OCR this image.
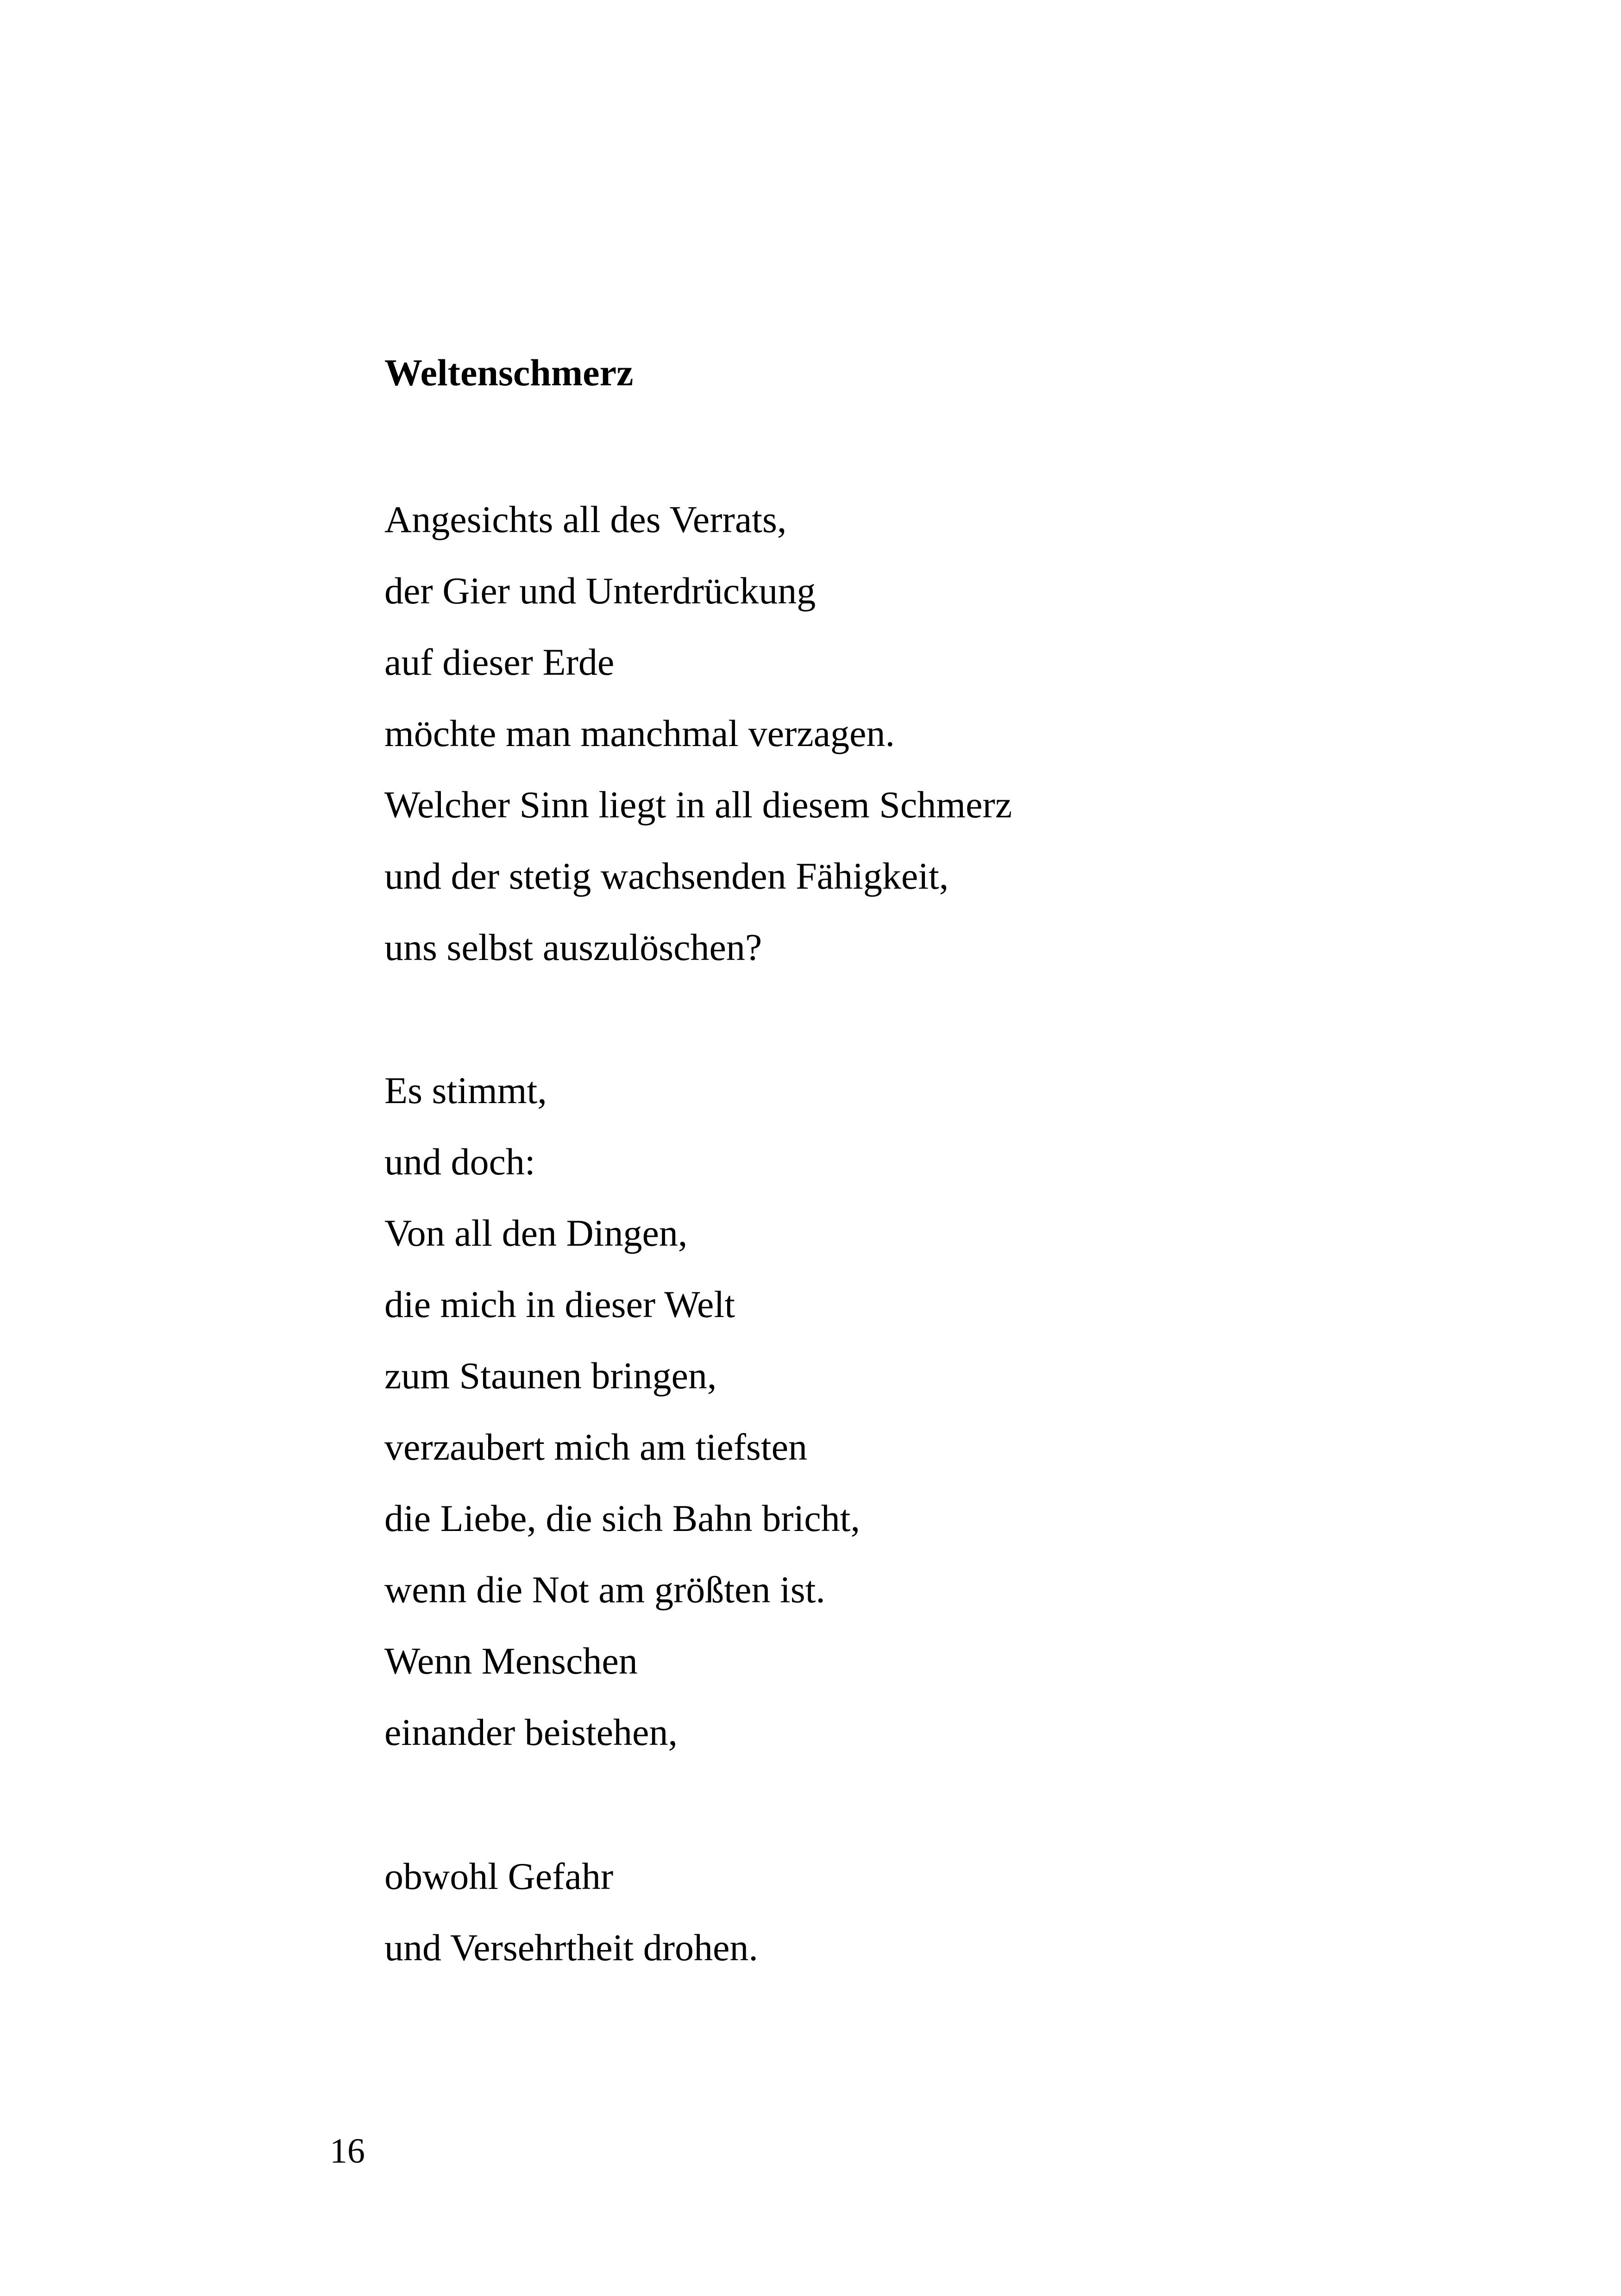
Weltenschmerz
Angesichts all des Verrats,
der Gier und Unterdrückung
auf dieser Erde
möchte man manchmal verzagen.
Welcher Sinn liegt in all diesem Schmerz
und der stetig wachsenden Fähigkeit,
uns selbst auszulöschen?
Es stimmt,
und doch:
Von all den Dingen,
die mich in dieser Welt
zum Staunen bringen,
verzaubert mich am tiefsten
die Liebe, die sich Bahn bricht,
wenn die Not am größten ist.
Wenn Menschen
einander beistehen,
obwohl Gefahr
und Versehrtheit drohen.
16
